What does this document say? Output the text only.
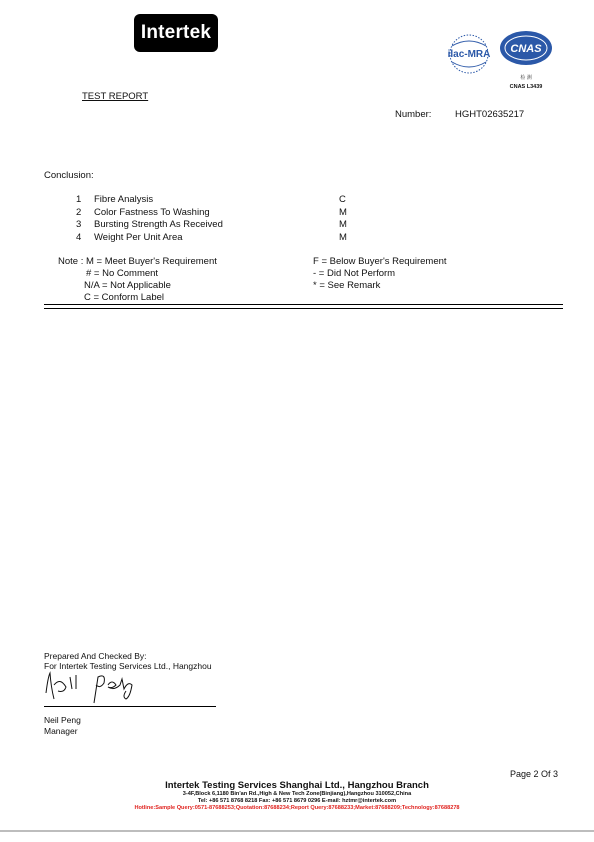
Intertek
ilac-MRA CNAS
检 测
CNAS L3439
TEST REPORT
Number: HGHT02635217
Conclusion:
1 Fibre Analysis	C
2 Color Fastness To Washing	M
3 Bursting Strength As Received	M
4 Weight Per Unit Area	M
Note : M = Meet Buyer's Requirement
# = No Comment
N/A = Not Applicable
C = Conform Label
F = Below Buyer's Requirement
- = Did Not Perform
* = See Remark
Prepared And Checked By:
For Intertek Testing Services Ltd., Hangzhou
Neil Peng
Manager
Page 2 Of 3
Intertek Testing Services Shanghai Ltd., Hangzhou Branch
3-4F,Block 6,1180 Bin'an Rd.,High & New Tech Zone(Binjiang),Hangzhou 310052,China
Tel: +86 571 8768 8218 Fax: +86 571 8679 0296 E-mail: hztmr@intertek.com
Hotline:Sample Query:0571-87688253;Quotation:87688234;Report Query:87688233;Market:87688209;Technology:87688278
